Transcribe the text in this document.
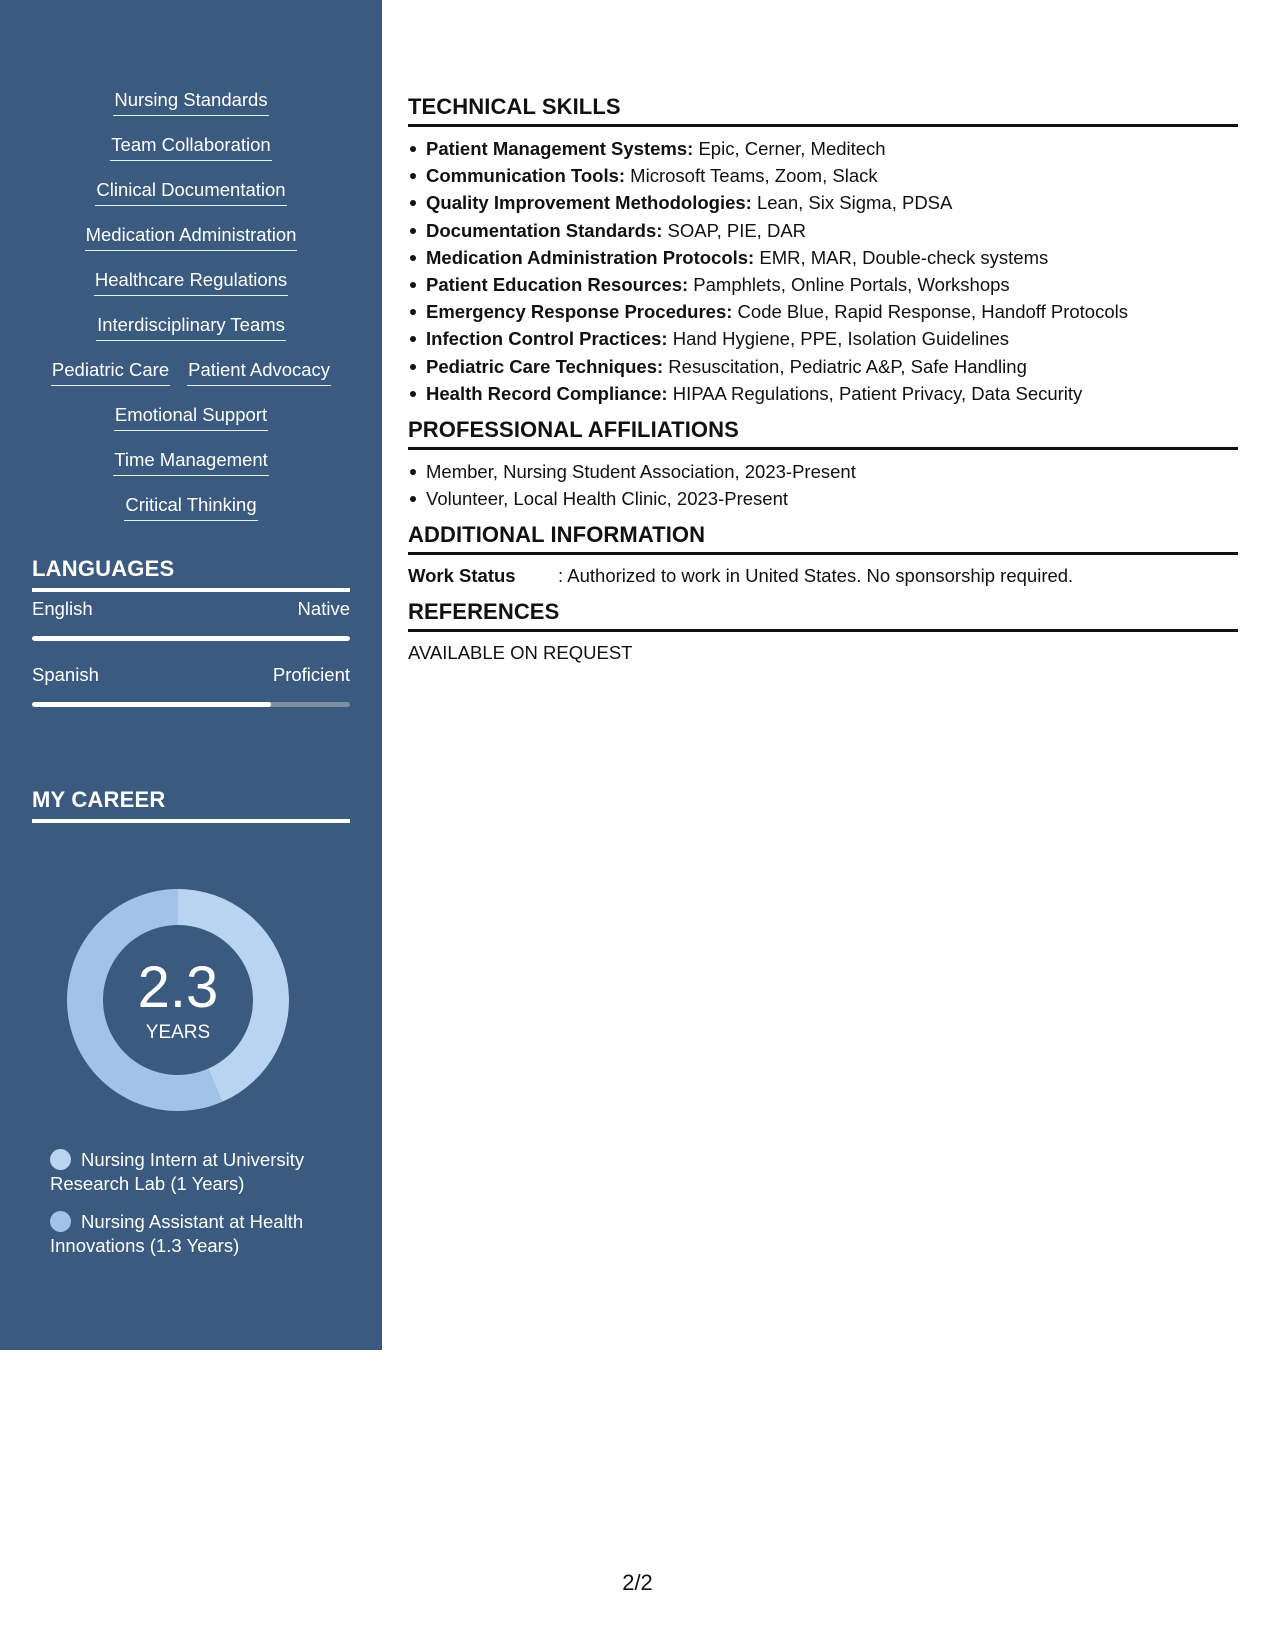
Nursing Standards
Team Collaboration
Clinical Documentation
Medication Administration
Healthcare Regulations
Interdisciplinary Teams
Pediatric Care Patient Advocacy
Emotional Support
Time Management
Critical Thinking
LANGUAGES
English	Native
Spanish	Proficient
MY CAREER
2.3
YEARS
Nursing Intern at University Research Lab (1 Years)
Nursing Assistant at Health Innovations (1.3 Years)
TECHNICAL SKILLS
Patient Management Systems: Epic, Cerner, Meditech
Communication Tools: Microsoft Teams, Zoom, Slack
Quality Improvement Methodologies: Lean, Six Sigma, PDSA
Documentation Standards: SOAP, PIE, DAR
Medication Administration Protocols: EMR, MAR, Double-check systems
Patient Education Resources: Pamphlets, Online Portals, Workshops
Emergency Response Procedures: Code Blue, Rapid Response, Handoff Protocols
Infection Control Practices: Hand Hygiene, PPE, Isolation Guidelines
Pediatric Care Techniques: Resuscitation, Pediatric A&P, Safe Handling
Health Record Compliance: HIPAA Regulations, Patient Privacy, Data Security
PROFESSIONAL AFFILIATIONS
Member, Nursing Student Association, 2023-Present
Volunteer, Local Health Clinic, 2023-Present
ADDITIONAL INFORMATION
Work Status	: Authorized to work in United States. No sponsorship required.
REFERENCES
AVAILABLE ON REQUEST
2/2
